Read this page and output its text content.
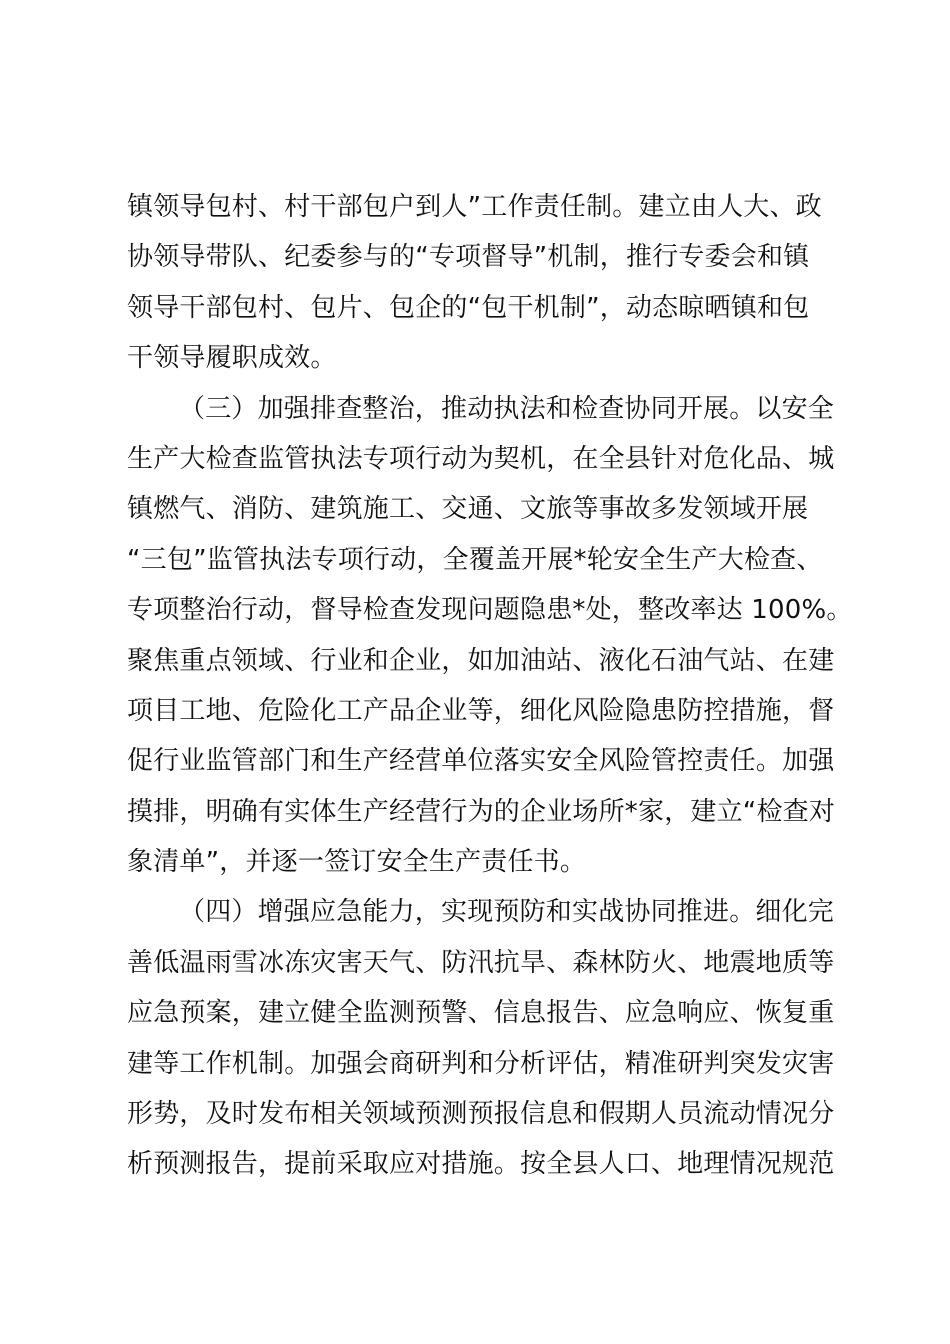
镇领导包村、村干部包户到人”工作责任制。建立由人大、政
协领导带队、纪委参与的“专项督导”机制，推行专委会和镇
领导干部包村、包片、包企的“包干机制”，动态晾晒镇和包
干领导履职成效。
（三）加强排查整治，推动执法和检查协同开展。以安全
生产大检查监管执法专项行动为契机，在全县针对危化品、城
镇燃气、消防、建筑施工、交通、文旅等事故多发领域开展
“三包”监管执法专项行动，全覆盖开展*轮安全生产大检查、
专项整治行动，督导检查发现问题隐患*处，整改率达 100%。
聚焦重点领域、行业和企业，如加油站、液化石油气站、在建
项目工地、危险化工产品企业等，细化风险隐患防控措施，督
促行业监管部门和生产经营单位落实安全风险管控责任。加强
摸排，明确有实体生产经营行为的企业场所*家，建立“检查对
象清单”，并逐一签订安全生产责任书。
（四）增强应急能力，实现预防和实战协同推进。细化完
善低温雨雪冰冻灾害天气、防汛抗旱、森林防火、地震地质等
应急预案，建立健全监测预警、信息报告、应急响应、恢复重
建等工作机制。加强会商研判和分析评估，精准研判突发灾害
形势，及时发布相关领域预测预报信息和假期人员流动情况分
析预测报告，提前采取应对措施。按全县人口、地理情况规范
